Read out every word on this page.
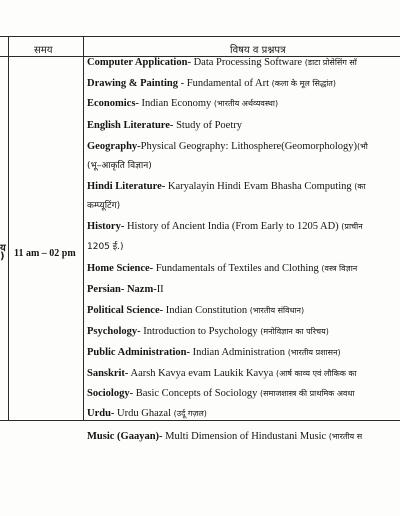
समय	विषय व प्रश्नपत्र
य
) 11 am – 02 pm
Computer Application- Data Processing Software (डाटा प्रोसेसिंग सॉ
Drawing & Painting - Fundamental of Art (कला के मूल सिद्धांत)
Economics- Indian Economy (भारतीय अर्थव्यवस्था)
English Literature- Study of Poetry
Geography-Physical Geography: Lithosphere(Geomorphology)(भौ
(भू–आकृति विज्ञान)
Hindi Literature- Karyalayin Hindi Evam Bhasha Computing (का
कम्प्यूटिंग)
History- History of Ancient India (From Early to 1205 AD) (प्राचीन
1205 ई.)
Home Science- Fundamentals of Textiles and Clothing (वस्त्र विज्ञान
Persian- Nazm-II
Political Science- Indian Constitution (भारतीय संविधान)
Psychology- Introduction to Psychology (मनोविज्ञान का परिचय)
Public Administration- Indian Administration (भारतीय प्रशासन)
Sanskrit- Aarsh Kavya evam Laukik Kavya (आर्ष काव्य एवं लौकिक का
Sociology- Basic Concepts of Sociology (समाजशास्त्र की प्राथमिक अवधा
Urdu- Urdu Ghazal (उर्दू गज़ल)
Music (Gaayan)- Multi Dimension of Hindustani Music (भारतीय स
